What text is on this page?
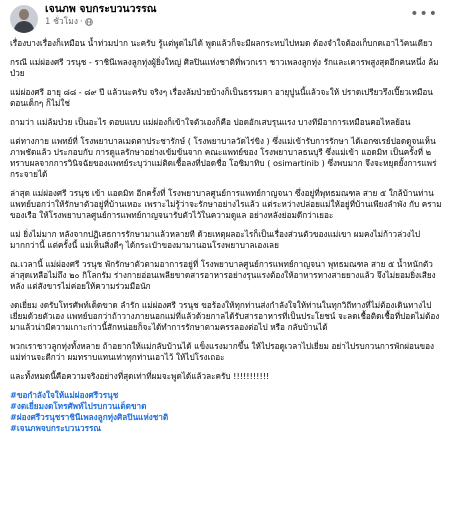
เจนภพ จบกระบวนวรรณ
1 ชั่วโมง ·	•••

เรื่องบางเรื่องก็เหมือน น้ำท่วมปาก นะครับ รู้แต่พูดไม่ได้ พูดแล้วก็จะมีผลกระทบไปหมด ต้องจำใจต้องเก็บกดเอาไว้คนเดียว

กรณี แม่ผ่องศรี วรนุช - ราชินีเพลงลูกทุ่งผู้ยิ่งใหญ่ ศิลปินแห่งชาติที่พวกเรา ชาวเพลงลูกทุ่ง รักและเคารพสูงสุดอีกคนหนึ่ง ล้มป่วย

แม่ผ่องศรี อายุ ๘๘ - ๘๙ ปี แล้วนะครับ จริงๆ เรื่องล้มป่วยบ้างก็เป็นธรรมดา อายุปูนนี้แล้วจะให้ ปราดเปรียวรึงเปี๊ยวเหมือนตอนเด็กๆ ก็ไม่ใช่

ถามว่า แม่ล้มป่วย เป็นอะไร ตอบแบบ แม่ผ่องก็เข้าใจตัวเองก็คือ ปอดอักเสบรุนแรง บางทีมีอาการเหมือนคอไหลย้อน

แต่ทางกาย แพทย์ที่ โรงพยาบาลเมตตาประชารักษ์ ( โรงพยาบาลวัดไร่ขิง ) ซึ่งแม่เข้ารับการรักษา ได้เอกซเรย์ปอดดูจนเห็นภาพชัดแล้ว ประกอบกับ การดูแลรักษาอย่างเข้มข้นจาก คณะแพทย์ของ โรงพยาบาลธนบุรี ซึ่งแม่เข้า แอดมิท เป็นครั้งที่ ๒ ทราบผลจากการวินิจฉัยของแพทย์ระบุว่าแม่ติดเชื้อลงที่ปอดชื่อ โอซิมาทิบ ( osimartinib ) ซึ่งพบมาก จึงจะหยุดยั้งการแพร่กระจายได้

ล่าสุด แม่ผ่องศรี วรนุช เข้า แอดมิท อีกครั้งที่ โรงพยาบาลศูนย์การแพทย์กาญจนา ซึ่งอยู่ที่พุทธมณฑล สาย ๕ ใกล้บ้านท่าน แพทย์บอกว่าให้รักษาตัวอยู่ที่บ้านเหอะ เพราะไม่รู้ว่าจะรักษาอย่างไรแล้ว แต่ระหว่างปล่อยแม่ให้อยู่ที่บ้านเพียงลำพัง กับ ครามของเรือ ให้โรงพยาบาลศูนย์การแพทย์กาญจนารับตัวไว้ในความดูแล อย่างหลังย่อมดีกว่าเยอะ

แม่ ยิ่งไม่มาก หลังจากปฏิเสธการรักษามาแล้วหลายที ด้วยเหตุผลอะไรก็เป็นเรื่องส่วนตัวของแม่เขา ผมคงไม่ก้าวล่วงไปมากกว่านี้ แต่ครั้งนี้ แม่เห็นสิ่งดีๆ ได้กระเป๋าของมามานอนโรงพยาบาลเองเลย

ณ.เวลานี้ แม่ผ่องศรี วรนุช พักรักษาตัวตามอาการอยู่ที่ โรงพยาบาลศูนย์การแพทย์กาญจนา พุทธมณฑล สาย ๕ น้ำหนักตัวล่าสุดเหลือไม่ถึง ๒๐ กิโลกรัม ร่างกายอ่อนเพลียขาดสารอาหารอย่างรุนแรงต้องให้อาหารทางสายยางแล้ว จึงไม่ยอมยิ่งเสียงหลัง แต่สังขารไม่ค่อยให้ความร่วมมือนัก

งดเยี่ยม งดรับโทรศัพท์เด็ดขาด ลำรัก แม่ผ่องศรี วรนุช ขอร้องให้ทุกท่านส่งกำลังใจให้ท่านในทุกวิถีทางที่ไม่ต้องเดินทางไปเยี่ยมด้วยตัวเอง แพทย์บอกว่าถ้าวางภายนอกแม่ที่แล้วด้วยกาลได้รับสารอาหารที่เป็นประโยชน์ จะลดเชื้อติดเชื้อที่ปอดไม่ต้องมาแล้วน่ามีความเกาะก่าวนี้สักหน่อยก็จะได้ทำการรักษาตามครรลองต่อไป หรือ กลับบ้านได้

พวกเราชาวลูกทุ่งทั้งหลาย ถ้าอยากให้แม่กลับบ้านได้ แข็งแรงมากขึ้น ให้ไปรอดูเวลาไปเยี่ยม อย่าไปรบกวนการพักผ่อนของแม่ท่านจะดีกว่า ผมทราบแทนเท่าทุกท่านเอาไว้ ให้ไปโรงเถอะ

และทั้งหมดนี้คือความจริงอย่างที่สุดเท่าที่ผมจะพูดได้แล้วละครับ !!!!!!!!!!!

#ขอกำลังใจให้แม่ผ่องศรีวรนุช
#งดเยี่ยมงดโทรศัพท์ไปรบกวนเด็ดขาด
#ผ่องศรีวรนุชราชินีเพลงลูกทุ่งศิลปินแห่งชาติ
#เจนภพจบกระบวนวรรณ
